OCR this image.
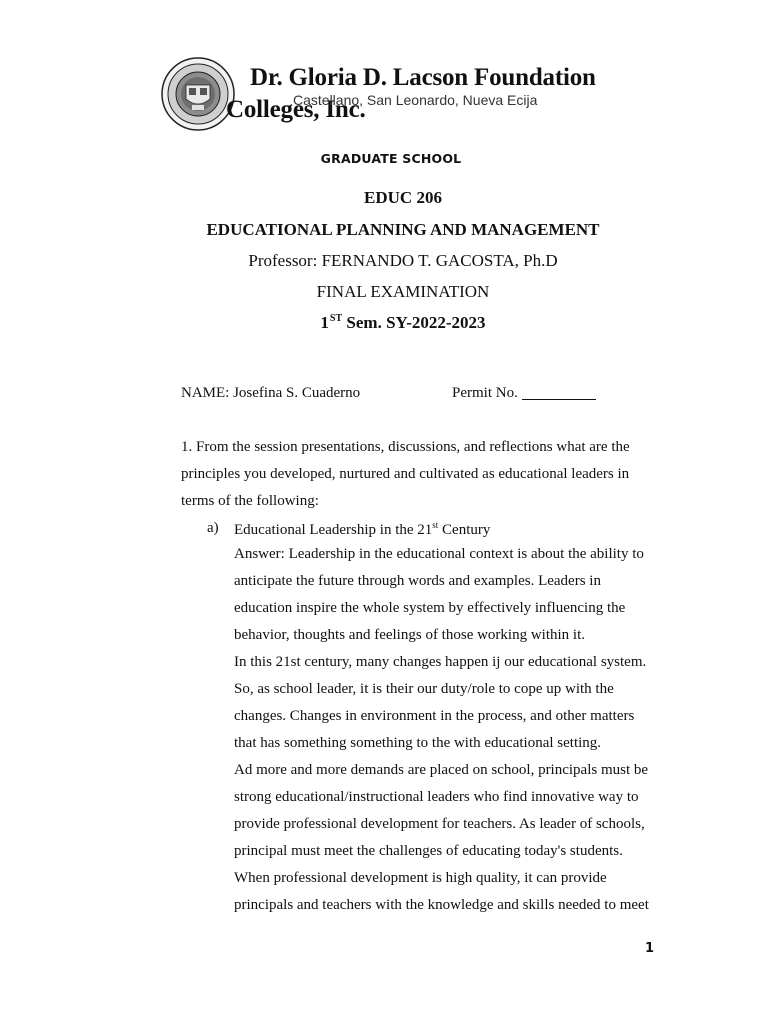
Dr. Gloria D. Lacson Foundation
Colleges, Inc.
Castellano, San Leonardo, Nueva Ecija
GRADUATE SCHOOL
EDUC 206
EDUCATIONAL PLANNING AND MANAGEMENT
Professor: FERNANDO T. GACOSTA, Ph.D
FINAL EXAMINATION
1ST Sem. SY-2022-2023
NAME: Josefina S. Cuaderno	Permit No.
1. From the session presentations, discussions, and reflections what are the
principles you developed, nurtured and cultivated as educational leaders in
terms of the following:
a) Educational Leadership in the 21st Century
Answer: Leadership in the educational context is about the ability to
anticipate the future through words and examples. Leaders in
education inspire the whole system by effectively influencing the
behavior, thoughts and feelings of those working within it.
In this 21st century, many changes happen ij our educational system.
So, as school leader, it is their our duty/role to cope up with the
changes. Changes in environment in the process, and other matters
that has something something to the with educational setting.
Ad more and more demands are placed on school, principals must be
strong educational/instructional leaders who find innovative way to
provide professional development for teachers. As leader of schools,
principal must meet the challenges of educating today's students.
When professional development is high quality, it can provide
principals and teachers with the knowledge and skills needed to meet
1
